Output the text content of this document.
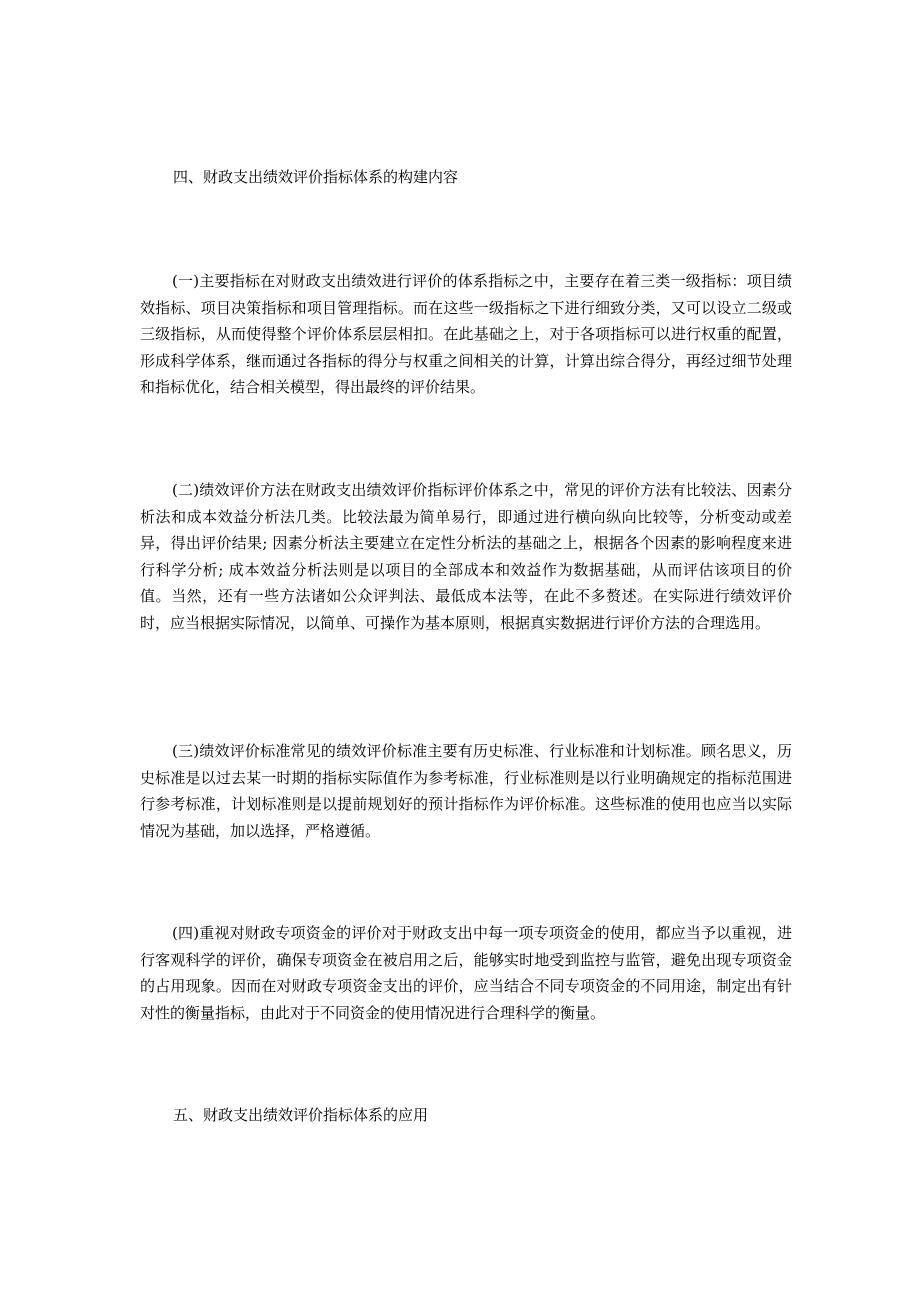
四、财政支出绩效评价指标体系的构建内容

(一)主要指标在对财政支出绩效进行评价的体系指标之中，主要存在着三类一级指标：项目绩效指标、项目决策指标和项目管理指标。而在这些一级指标之下进行细致分类，又可以设立二级或三级指标，从而使得整个评价体系层层相扣。在此基础之上，对于各项指标可以进行权重的配置，形成科学体系，继而通过各指标的得分与权重之间相关的计算，计算出综合得分，再经过细节处理和指标优化，结合相关模型，得出最终的评价结果。

(二)绩效评价方法在财政支出绩效评价指标评价体系之中，常见的评价方法有比较法、因素分析法和成本效益分析法几类。比较法最为简单易行，即通过进行横向纵向比较等，分析变动或差异，得出评价结果; 因素分析法主要建立在定性分析法的基础之上，根据各个因素的影响程度来进行科学分析; 成本效益分析法则是以项目的全部成本和效益作为数据基础，从而评估该项目的价值。当然，还有一些方法诸如公众评判法、最低成本法等，在此不多赘述。在实际进行绩效评价时，应当根据实际情况，以简单、可操作为基本原则，根据真实数据进行评价方法的合理选用。

(三)绩效评价标准常见的绩效评价标准主要有历史标准、行业标准和计划标准。顾名思义，历史标准是以过去某一时期的指标实际值作为参考标准，行业标准则是以行业明确规定的指标范围进行参考标准，计划标准则是以提前规划好的预计指标作为评价标准。这些标准的使用也应当以实际情况为基础，加以选择，严格遵循。

(四)重视对财政专项资金的评价对于财政支出中每一项专项资金的使用，都应当予以重视，进行客观科学的评价，确保专项资金在被启用之后，能够实时地受到监控与监管，避免出现专项资金的占用现象。因而在对财政专项资金支出的评价，应当结合不同专项资金的不同用途，制定出有针对性的衡量指标，由此对于不同资金的使用情况进行合理科学的衡量。

五、财政支出绩效评价指标体系的应用
